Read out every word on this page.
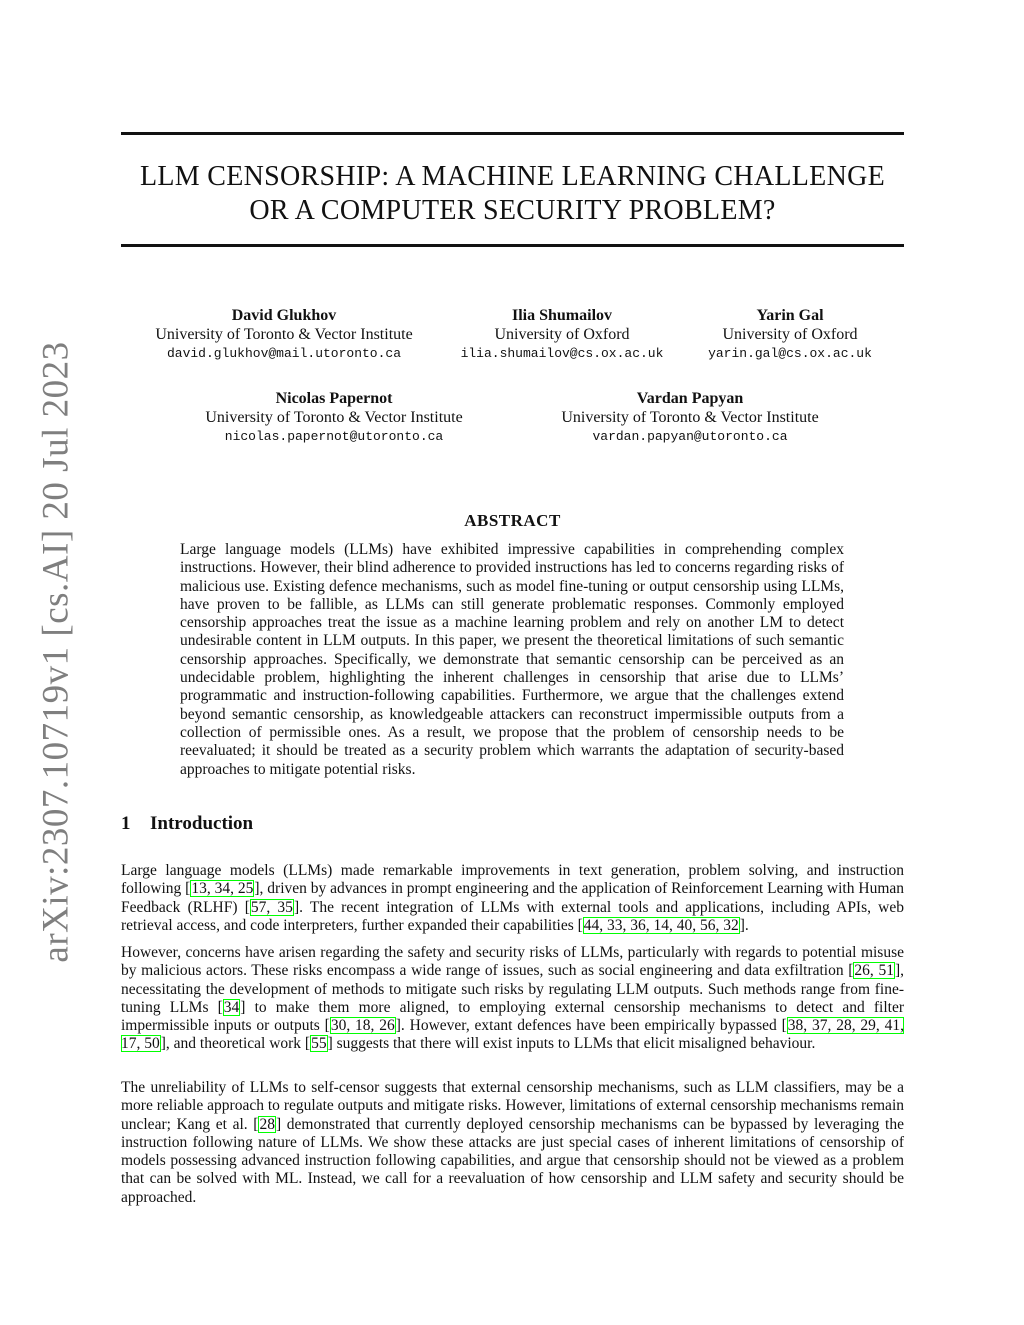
arXiv:2307.10719v1 [cs.AI] 20 Jul 2023
LLM CENSORSHIP: A MACHINE LEARNING CHALLENGE
OR A COMPUTER SECURITY PROBLEM?
David Glukhov
University of Toronto & Vector Institute
david.glukhov@mail.utoronto.ca
Ilia Shumailov
University of Oxford
ilia.shumailov@cs.ox.ac.uk
Yarin Gal
University of Oxford
yarin.gal@cs.ox.ac.uk
Nicolas Papernot
University of Toronto & Vector Institute
nicolas.papernot@utoronto.ca
Vardan Papyan
University of Toronto & Vector Institute
vardan.papyan@utoronto.ca
ABSTRACT
Large language models (LLMs) have exhibited impressive capabilities in comprehending complex instructions. However, their blind adherence to provided instructions has led to concerns regarding risks of malicious use. Existing defence mechanisms, such as model fine-tuning or output censorship using LLMs, have proven to be fallible, as LLMs can still generate problematic responses. Commonly employed censorship approaches treat the issue as a machine learning problem and rely on another LM to detect undesirable content in LLM outputs. In this paper, we present the theoretical limitations of such semantic censorship approaches. Specifically, we demonstrate that semantic censorship can be perceived as an undecidable problem, highlighting the inherent challenges in censorship that arise due to LLMs’ programmatic and instruction-following capabilities. Furthermore, we argue that the challenges extend beyond semantic censorship, as knowledgeable attackers can reconstruct impermissible outputs from a collection of permissible ones. As a result, we propose that the problem of censorship needs to be reevaluated; it should be treated as a security problem which warrants the adaptation of security-based approaches to mitigate potential risks.
1 Introduction
Large language models (LLMs) made remarkable improvements in text generation, problem solving, and instruction following [13, 34, 25], driven by advances in prompt engineering and the application of Reinforcement Learning with Human Feedback (RLHF) [57, 35]. The recent integration of LLMs with external tools and applications, including APIs, web retrieval access, and code interpreters, further expanded their capabilities [44, 33, 36, 14, 40, 56, 32].
However, concerns have arisen regarding the safety and security risks of LLMs, particularly with regards to potential misuse by malicious actors. These risks encompass a wide range of issues, such as social engineering and data exfiltration [26, 51], necessitating the development of methods to mitigate such risks by regulating LLM outputs. Such methods range from fine-tuning LLMs [34] to make them more aligned, to employing external censorship mechanisms to detect and filter impermissible inputs or outputs [30, 18, 26]. However, extant defences have been empirically bypassed [38, 37, 28, 29, 41, 17, 50], and theoretical work [55] suggests that there will exist inputs to LLMs that elicit misaligned behaviour.
The unreliability of LLMs to self-censor suggests that external censorship mechanisms, such as LLM classifiers, may be a more reliable approach to regulate outputs and mitigate risks. However, limitations of external censorship mechanisms remain unclear; Kang et al. [28] demonstrated that currently deployed censorship mechanisms can be bypassed by leveraging the instruction following nature of LLMs. We show these attacks are just special cases of inherent limitations of censorship of models possessing advanced instruction following capabilities, and argue that censorship should not be viewed as a problem that can be solved with ML. Instead, we call for a reevaluation of how censorship and LLM safety and security should be approached.
